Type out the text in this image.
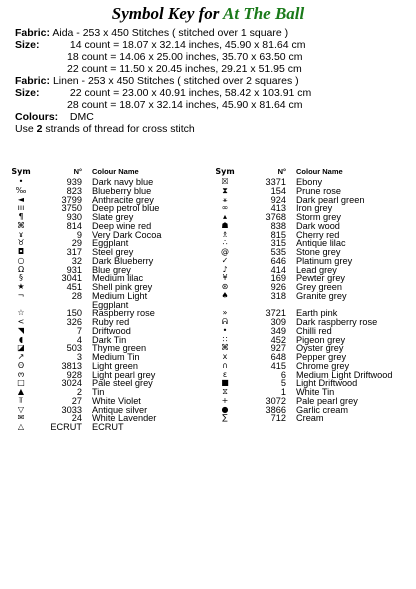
Symbol Key for At The Ball
Fabric: Aida - 253 x 450 Stitches ( stitched over 1 square )
Size:	14 count = 18.07 x 32.14 inches, 45.90 x 81.64 cm
18 count = 14.06 x 25.00 inches, 35.70 x 63.50 cm
22 count = 11.50 x 20.45 inches, 29.21 x 51.95 cm
Fabric: Linen - 253 x 450 Stitches ( stitched over 2 squares )
Size:	22 count = 23.00 x 40.91 inches, 58.42 x 103.91 cm
28 count = 18.07 x 32.14 inches, 45.90 x 81.64 cm
Colours: DMC
Use 2 strands of thread for cross stitch
Sym	N° Colour Name
•	939 Dark navy blue
‰	823 Blueberry blue
◄	3799 Anthracite grey
ııı	3750 Deep petrol blue
¶	930 Slate grey
⌘	814 Deep wine red
ɤ	9 Very Dark Cocoa
♉	29 Eggplant
◘	317 Steel grey
○	32 Dark Blueberry
Ω	931 Blue grey
§	3041 Medium lilac
★	451 Shell pink grey
¬	28 Medium Light
Eggplant
☆	150 Raspberry rose
<	326 Ruby red
◥	7 Driftwood
◖	4 Dark Tin
◪	503 Thyme green
↗	3 Medium Tin
ʘ	3813 Light green
ო	928 Light pearl grey
□	3024 Pale steel grey
▲	2 Tin
⫪	27 White Violet
▽	3033 Antique silver
✉	24 White Lavender
△	ECRUT ECRUT
Sym	N° Colour Name
☒	3371 Ebony
⧗	154 Prune rose
⚹	924 Dark pearl green
∞	413 Iron grey
▴	3768 Storm grey
☗	838 Dark wood
♗	815 Cherry red
∴	315 Antique lilac
@	535 Stone grey
✓	646 Platinum grey
♪	414 Lead grey
¥	169 Pewter grey
⊛	926 Grey green
♠	318 Granite grey
»	3721 Earth pink
ᕱ	309 Dark raspberry rose
•	349 Chilli red
∷	452 Pigeon grey
⌘	927 Oyster grey
x	648 Pepper grey
∩	415 Chrome grey
ɛ	6 Medium Light Driftwood
■	5 Light Driftwood
⧖	1 White Tin
+	3072 Pale pearl grey
●	3866 Garlic cream
∑	712 Cream
